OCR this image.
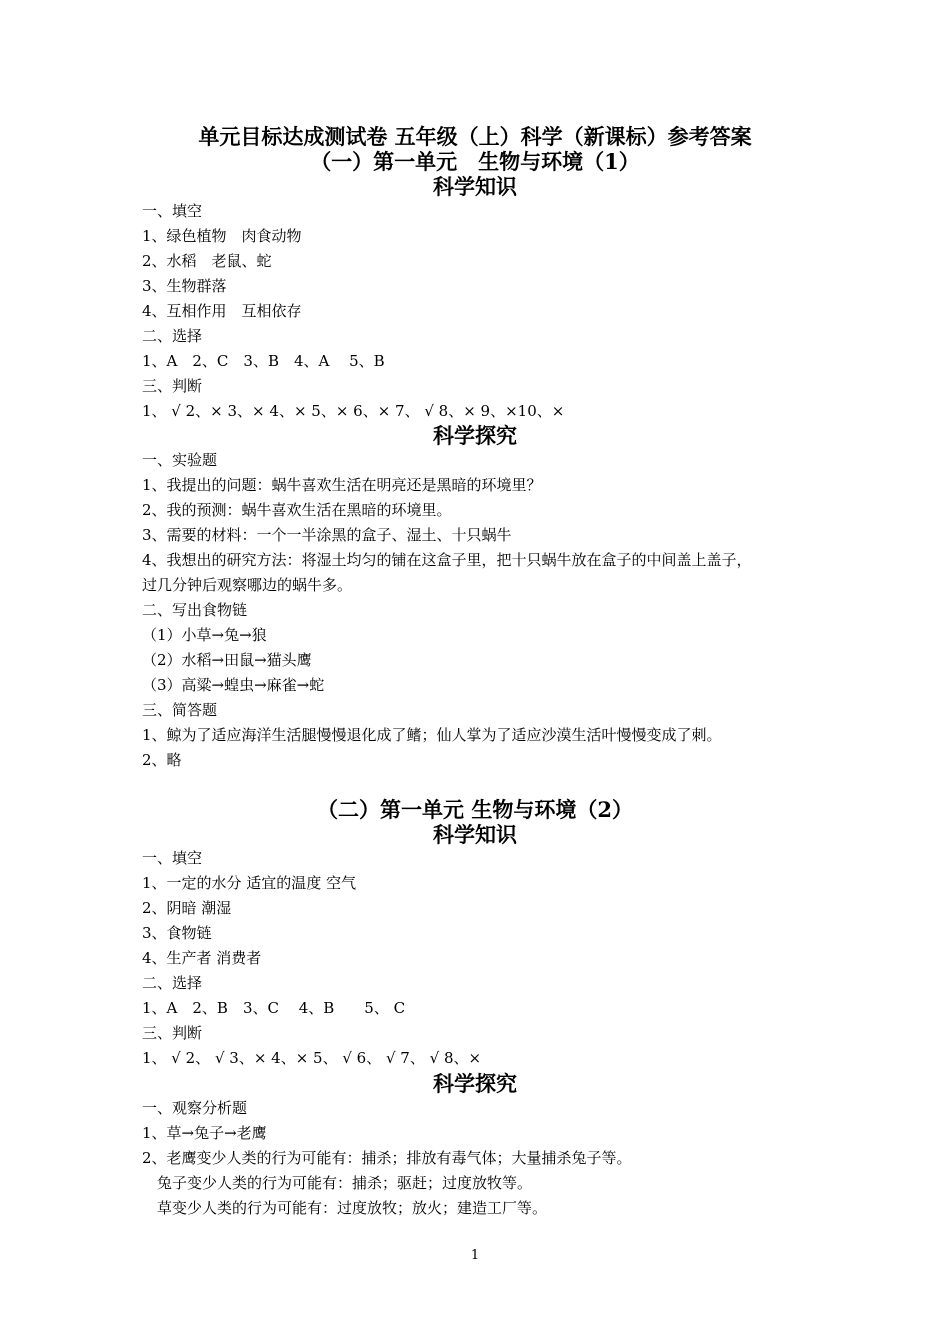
单元目标达成测试卷 五年级（上）科学（新课标）参考答案
（一）第一单元　生物与环境（1）
科学知识
一、填空
1、绿色植物　肉食动物
2、水稻　老鼠、蛇
3、生物群落
4、互相作用　互相依存
二、选择
1、A　2、C　3、B　4、A　 5、B
三、判断
1、 √ 2、× 3、× 4、× 5、× 6、× 7、 √ 8、× 9、×10、×
科学探究
一、实验题
1、我提出的问题：蜗牛喜欢生活在明亮还是黑暗的环境里？
2、我的预测：蜗牛喜欢生活在黑暗的环境里。
3、需要的材料：一个一半涂黑的盒子、湿土、十只蜗牛
4、我想出的研究方法：将湿土均匀的铺在这盒子里，把十只蜗牛放在盒子的中间盖上盖子，
过几分钟后观察哪边的蜗牛多。
二、写出食物链
（1）小草→兔→狼
（2）水稻→田鼠→猫头鹰
（3）高粱→蝗虫→麻雀→蛇
三、简答题
1、鲸为了适应海洋生活腿慢慢退化成了鳍；仙人掌为了适应沙漠生活叶慢慢变成了刺。
2、略
（二）第一单元 生物与环境（2）
科学知识
一、填空
1、一定的水分 适宜的温度 空气
2、阴暗 潮湿
3、食物链
4、生产者 消费者
二、选择
1、A　2、B　3、C　 4、B　　5、 C
三、判断
1、 √ 2、 √ 3、× 4、× 5、 √ 6、 √ 7、 √ 8、×
科学探究
一、观察分析题
1、草→兔子→老鹰
2、老鹰变少人类的行为可能有：捕杀；排放有毒气体；大量捕杀兔子等。
　兔子变少人类的行为可能有：捕杀；驱赶；过度放牧等。
　草变少人类的行为可能有：过度放牧；放火；建造工厂等。
1
